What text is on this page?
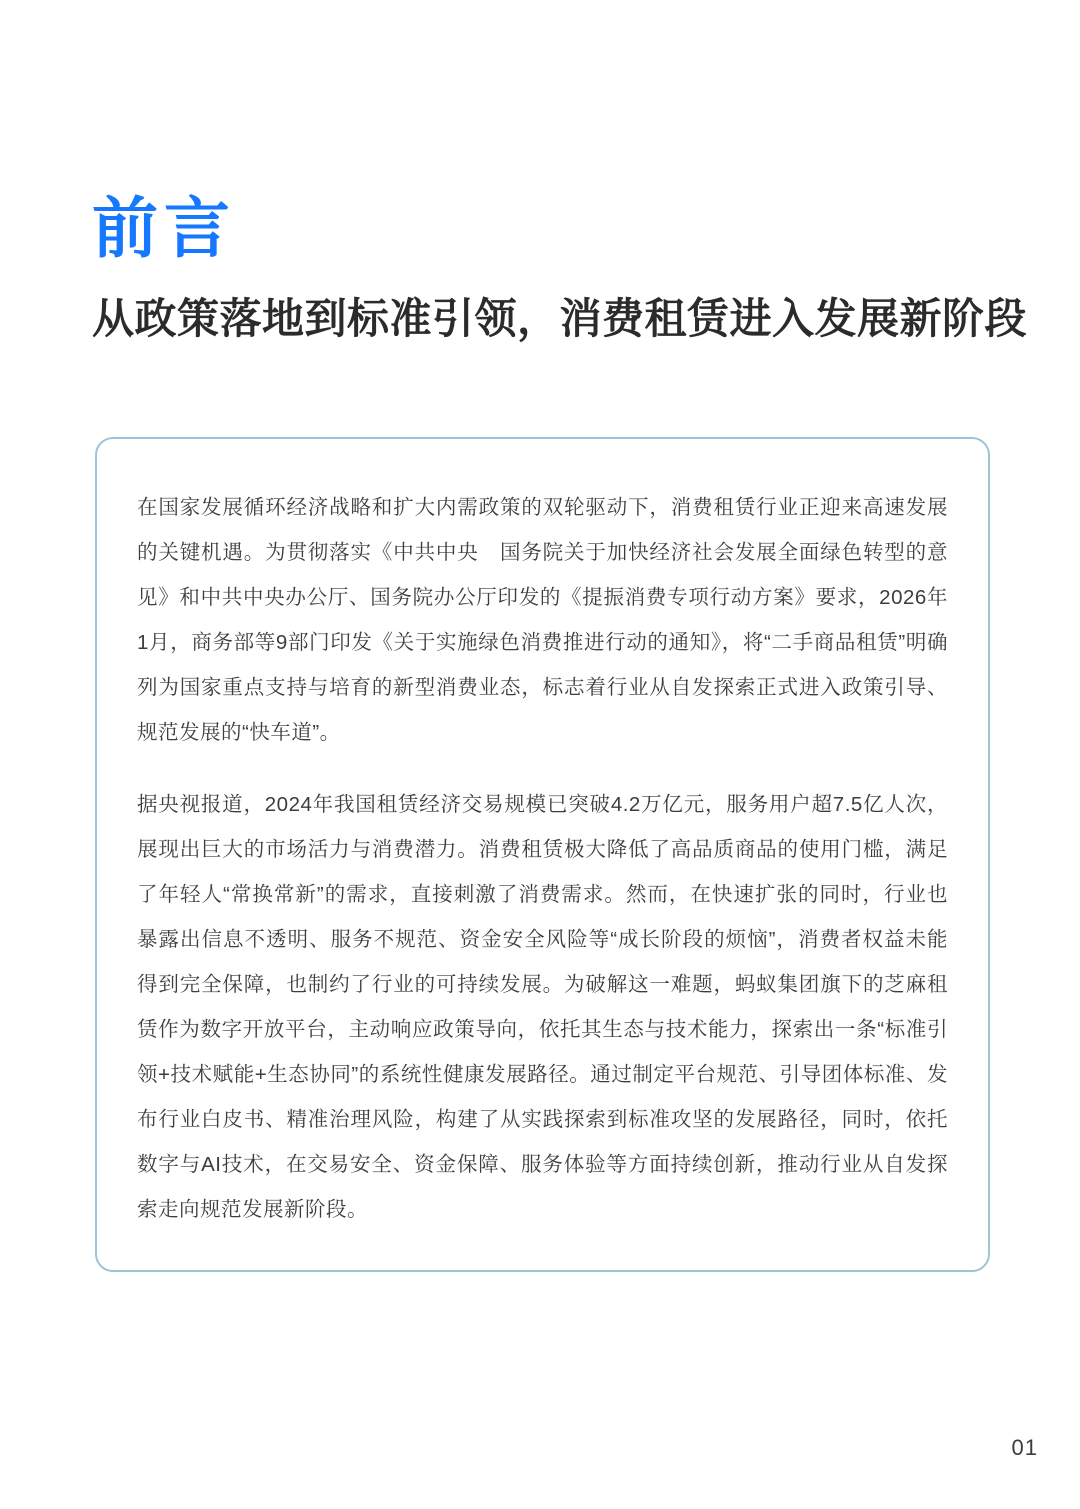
前言
从政策落地到标准引领，消费租赁进入发展新阶段

在国家发展循环经济战略和扩大内需政策的双轮驱动下，消费租赁行业正迎来高速发展的关键机遇。为贯彻落实《中共中央　国务院关于加快经济社会发展全面绿色转型的意见》和中共中央办公厅、国务院办公厅印发的《提振消费专项行动方案》要求，2026年1月，商务部等9部门印发《关于实施绿色消费推进行动的通知》，将“二手商品租赁”明确列为国家重点支持与培育的新型消费业态，标志着行业从自发探索正式进入政策引导、规范发展的“快车道”。

据央视报道，2024年我国租赁经济交易规模已突破4.2万亿元，服务用户超7.5亿人次，展现出巨大的市场活力与消费潜力。消费租赁极大降低了高品质商品的使用门槛，满足了年轻人“常换常新”的需求，直接刺激了消费需求。然而，在快速扩张的同时，行业也暴露出信息不透明、服务不规范、资金安全风险等“成长阶段的烦恼”，消费者权益未能得到完全保障，也制约了行业的可持续发展。为破解这一难题，蚂蚁集团旗下的芝麻租赁作为数字开放平台，主动响应政策导向，依托其生态与技术能力，探索出一条“标准引领+技术赋能+生态协同”的系统性健康发展路径。通过制定平台规范、引导团体标准、发布行业白皮书、精准治理风险，构建了从实践探索到标准攻坚的发展路径，同时，依托数字与AI技术，在交易安全、资金保障、服务体验等方面持续创新，推动行业从自发探索走向规范发展新阶段。

01
